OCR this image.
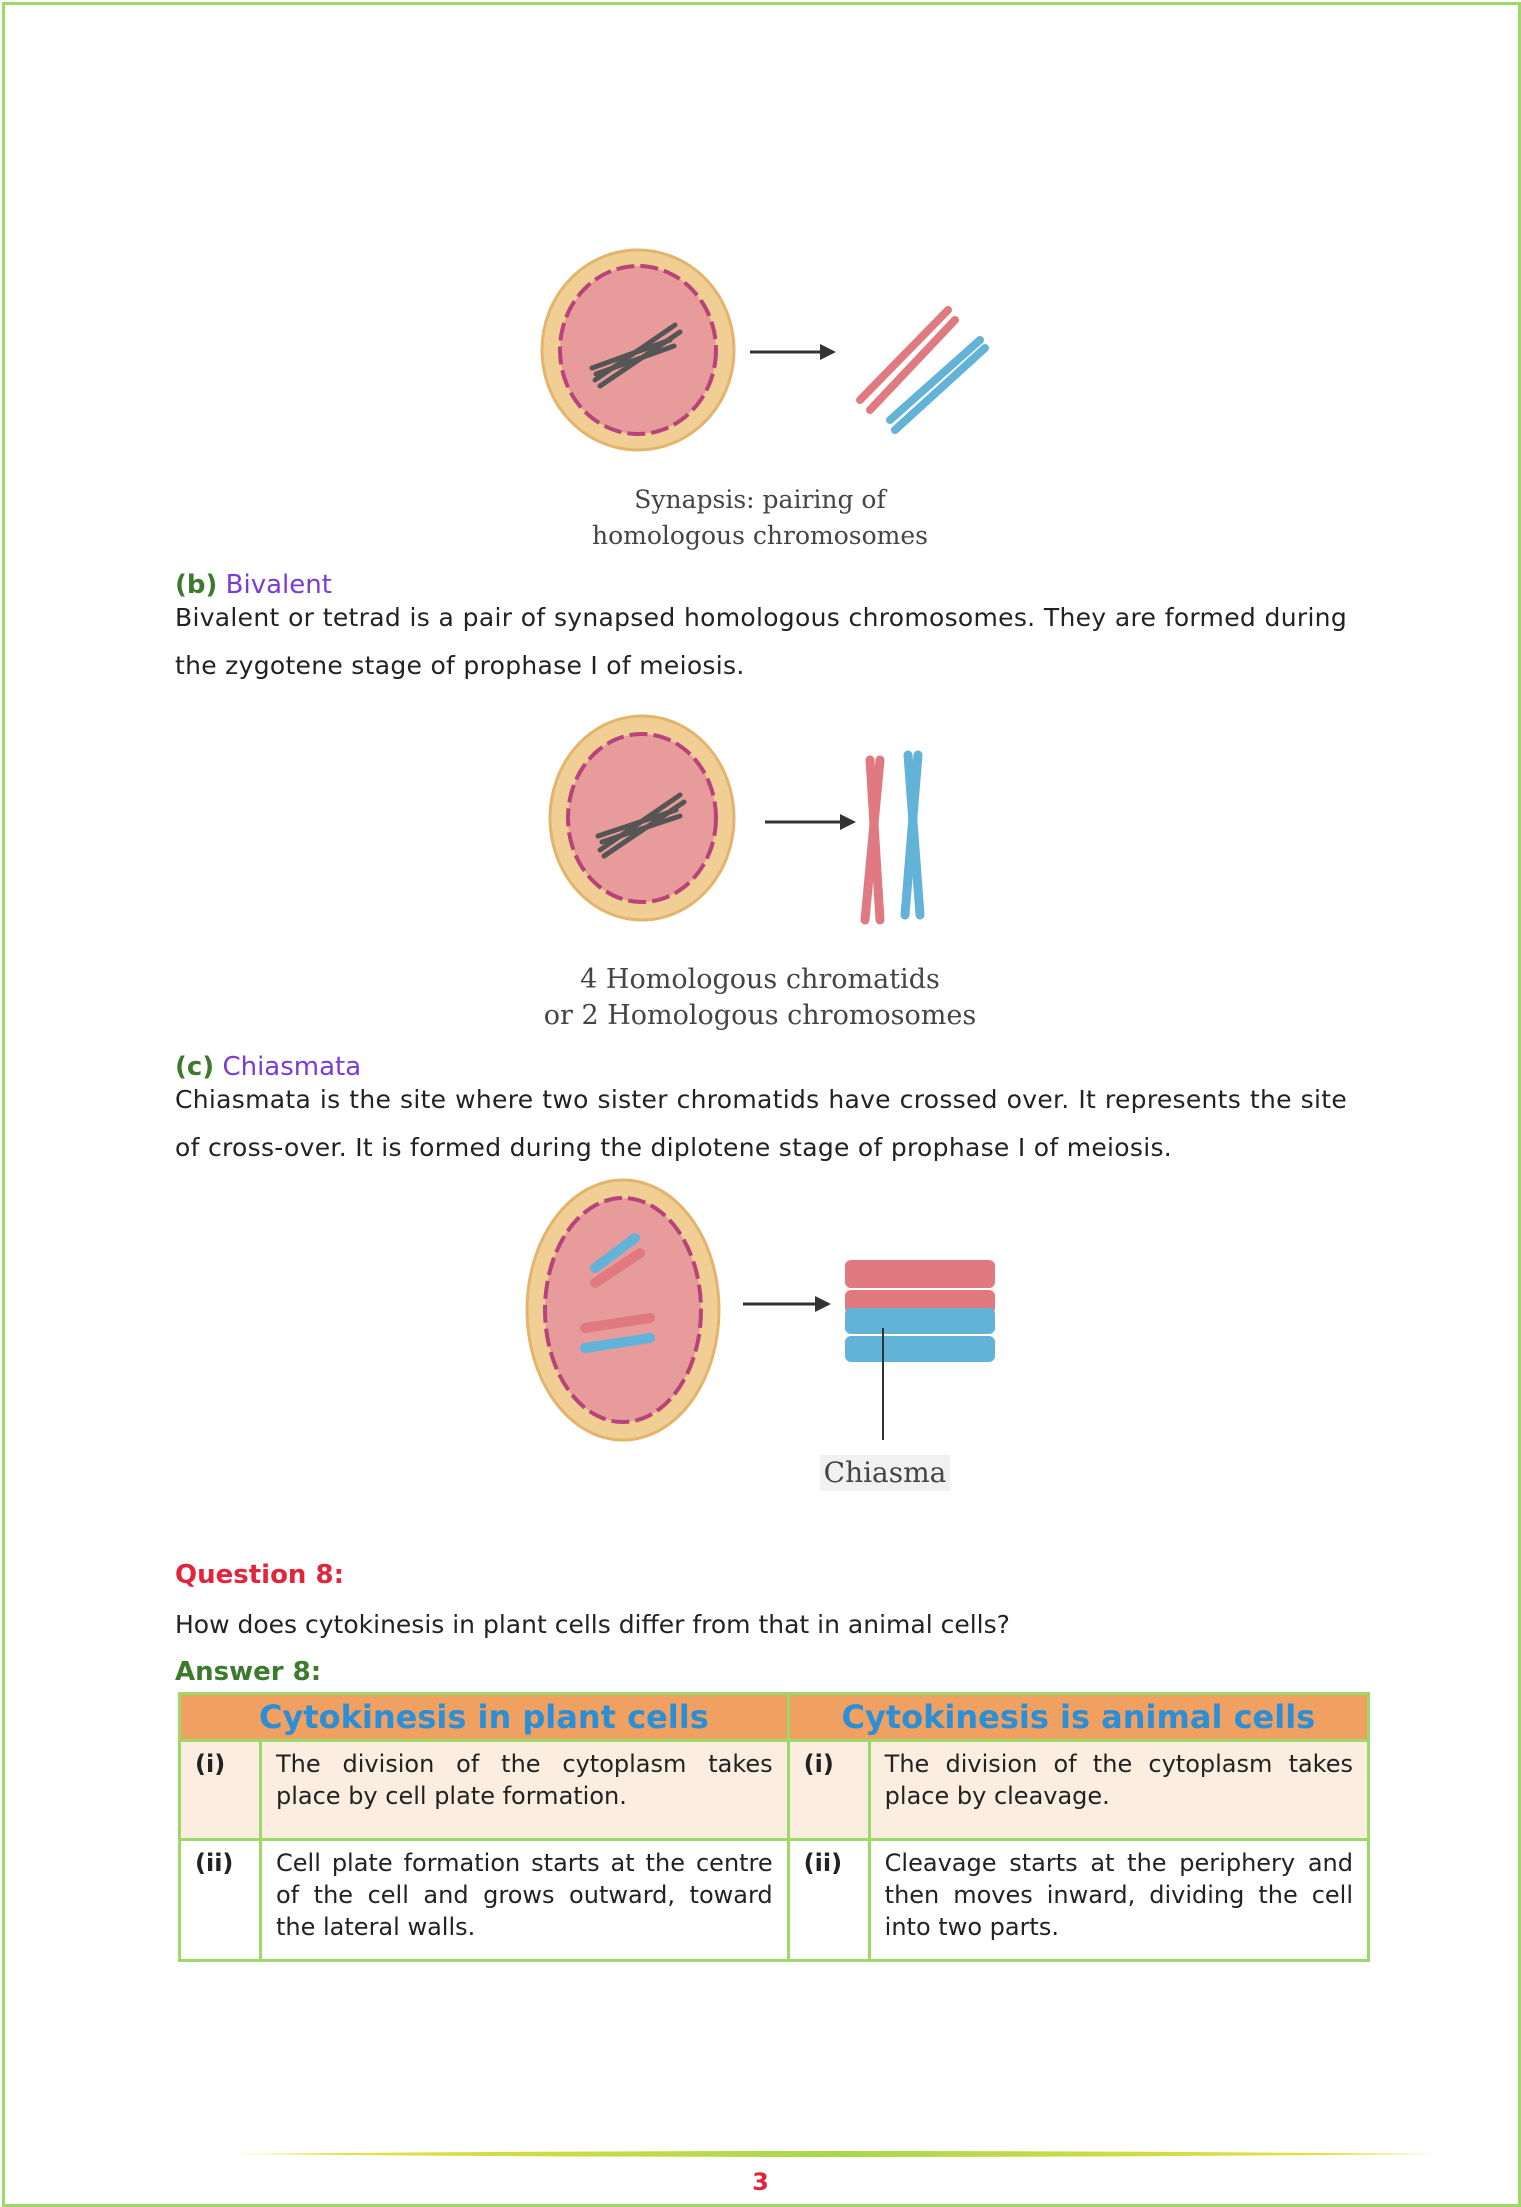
Synapsis: pairing of
homologous chromosomes
(b) Bivalent
Bivalent or tetrad is a pair of synapsed homologous chromosomes. They are formed during the zygotene stage of prophase I of meiosis.
4 Homologous chromatids
or 2 Homologous chromosomes
(c) Chiasmata
Chiasmata is the site where two sister chromatids have crossed over. It represents the site of cross-over. It is formed during the diplotene stage of prophase I of meiosis.
Chiasma
Question 8:
How does cytokinesis in plant cells differ from that in animal cells?
Answer 8:
Cytokinesis in plant cells		Cytokinesis is animal cells	
(i)	The division of the cytoplasm takes place by cell plate formation.	(i)	The division of the cytoplasm takes place by cleavage.
(ii)	Cell plate formation starts at the centre of the cell and grows outward, toward the lateral walls.	(ii)	Cleavage starts at the periphery and then moves inward, dividing the cell into two parts.
3
